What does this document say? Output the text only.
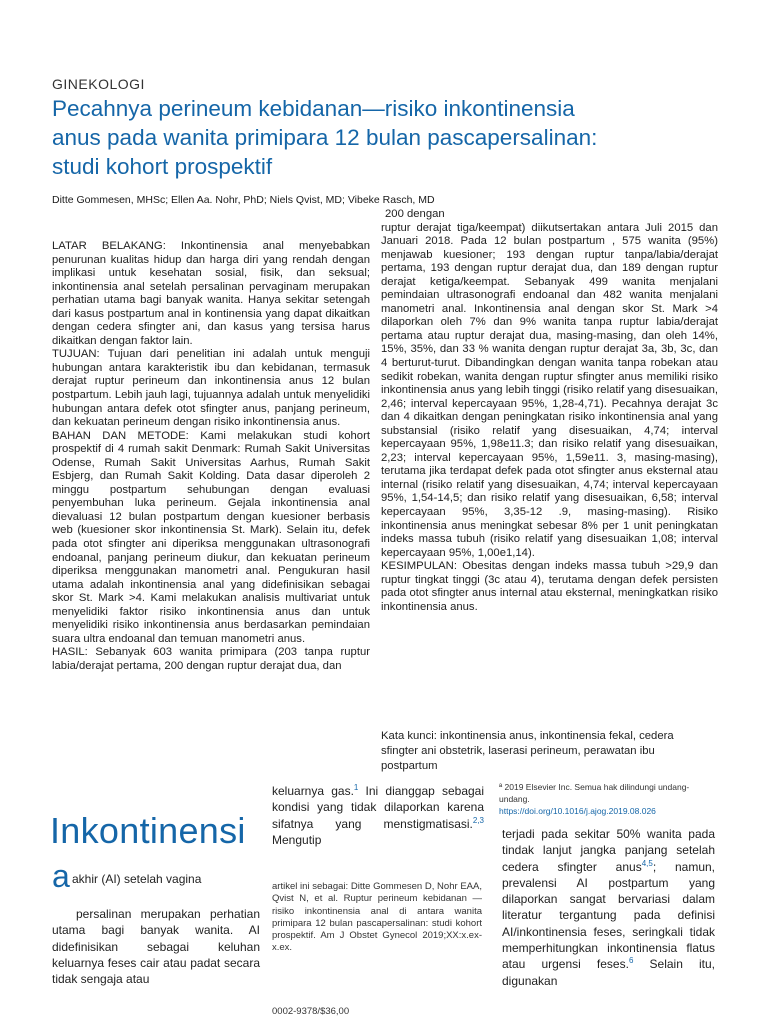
GINEKOLOGI
Pecahnya perineum kebidanan—risiko inkontinensia anus pada wanita primipara 12 bulan pascapersalinan: studi kohort prospektif
Ditte Gommesen, MHSc; Ellen Aa. Nohr, PhD; Niels Qvist, MD; Vibeke Rasch, MD

LATAR BELAKANG: Inkontinensia anal menyebabkan penurunan kualitas hidup dan harga diri yang rendah dengan implikasi untuk kesehatan sosial, fisik, dan seksual; inkontinensia anal setelah persalinan pervaginam merupakan perhatian utama bagi banyak wanita. Hanya sekitar setengah dari kasus postpartum anal in kontinensia yang dapat dikaitkan dengan cedera sfingter ani, dan kasus yang tersisa harus dikaitkan dengan faktor lain.

TUJUAN: Tujuan dari penelitian ini adalah untuk menguji hubungan antara karakteristik ibu dan kebidanan, termasuk derajat ruptur perineum dan inkontinensia anus 12 bulan postpartum. Lebih jauh lagi, tujuannya adalah untuk menyelidiki hubungan antara defek otot sfingter anus, panjang perineum, dan kekuatan perineum dengan risiko inkontinensia anus.

BAHAN DAN METODE: Kami melakukan studi kohort prospektif di 4 rumah sakit Denmark: Rumah Sakit Universitas Odense, Rumah Sakit Universitas Aarhus, Rumah Sakit Esbjerg, dan Rumah Sakit Kolding. Data dasar diperoleh 2 minggu postpartum sehubungan dengan evaluasi penyembuhan luka perineum. Gejala inkontinensia anal dievaluasi 12 bulan postpartum dengan kuesioner berbasis web (kuesioner skor inkontinensia St. Mark). Selain itu, defek pada otot sfingter ani diperiksa menggunakan ultrasonografi endoanal, panjang perineum diukur, dan kekuatan perineum diperiksa menggunakan manometri anal. Pengukuran hasil utama adalah inkontinensia anal yang didefinisikan sebagai skor St. Mark >4. Kami melakukan analisis multivariat untuk menyelidiki faktor risiko inkontinensia anus dan untuk menyelidiki risiko inkontinensia anus berdasarkan pemindaian suara ultra endoanal dan temuan manometri anus.

HASIL: Sebanyak 603 wanita primipara (203 tanpa ruptur labia/derajat pertama, 200 dengan ruptur derajat dua, dan

200 dengan

ruptur derajat tiga/keempat) diikutsertakan antara Juli 2015 dan Januari 2018. Pada 12 bulan postpartum , 575 wanita (95%) menjawab kuesioner; 193 dengan ruptur tanpa/labia/derajat pertama, 193 dengan ruptur derajat dua, dan 189 dengan ruptur derajat ketiga/keempat. Sebanyak 499 wanita menjalani pemindaian ultrasonografi endoanal dan 482 wanita menjalani manometri anal. Inkontinensia anal dengan skor St. Mark >4 dilaporkan oleh 7% dan 9% wanita tanpa ruptur labia/derajat pertama atau ruptur derajat dua, masing-masing, dan oleh 14%, 15%, 35%, dan 33 % wanita dengan ruptur derajat 3a, 3b, 3c, dan 4 berturut-turut. Dibandingkan dengan wanita tanpa robekan atau sedikit robekan, wanita dengan ruptur sfingter anus memiliki risiko inkontinensia anus yang lebih tinggi (risiko relatif yang disesuaikan, 2,46; interval kepercayaan 95%, 1,28-4,71). Pecahnya derajat 3c dan 4 dikaitkan dengan peningkatan risiko inkontinensia anal yang substansial (risiko relatif yang disesuaikan, 4,74; interval kepercayaan 95%, 1,98e11.3; dan risiko relatif yang disesuaikan, 2,23; interval kepercayaan 95%, 1,59e11. 3, masing-masing), terutama jika terdapat defek pada otot sfingter anus eksternal atau internal (risiko relatif yang disesuaikan, 4,74; interval kepercayaan 95%, 1,54-14,5; dan risiko relatif yang disesuaikan, 6,58; interval kepercayaan 95%, 3,35-12 .9, masing-masing). Risiko inkontinensia anus meningkat sebesar 8% per 1 unit peningkatan indeks massa tubuh (risiko relatif yang disesuaikan 1,08; interval kepercayaan 95%, 1,00e1,14).

KESIMPULAN: Obesitas dengan indeks massa tubuh >29,9 dan ruptur tingkat tinggi (3c atau 4), terutama dengan defek persisten pada otot sfingter anus internal atau eksternal, meningkatkan risiko inkontinensia anus.

Kata kunci: inkontinensia anus, inkontinensia fekal, cedera sfingter ani obstetrik, laserasi perineum, perawatan ibu postpartum
ª 2019 Elsevier Inc. Semua hak dilindungi undang-undang.
https://doi.org/10.1016/j.ajog.2019.08.026

keluarnya gas.$^1$ Ini dianggap sebagai kondisi yang tidak dilaporkan karena sifatnya yang menstigmatisasi.$^{2,3}$ Mengutip

Inkontinensi
a akhir (AI) setelah vagina

persalinan merupakan perhatian utama bagi banyak wanita. AI didefinisikan sebagai keluhan keluarnya feses cair atau padat secara tidak sengaja atau

artikel ini sebagai: Ditte Gommesen D, Nohr EAA, Qvist N, et al. Ruptur perineum kebidanan — risiko inkontinensia anal di antara wanita primipara 12 bulan pascapersalinan: studi kohort prospektif. Am J Obstet Gynecol 2019;XX:x.ex-x.ex.
0002-9378/$36,00

terjadi pada sekitar 50% wanita pada tindak lanjut jangka panjang setelah cedera sfingter anus$^{4,5}$; namun, prevalensi AI postpartum yang dilaporkan sangat bervariasi dalam literatur tergantung pada definisi AI/inkontinensia feses, seringkali tidak memperhitungkan inkontinensia flatus atau urgensi feses.$^6$ Selain itu, digunakan
